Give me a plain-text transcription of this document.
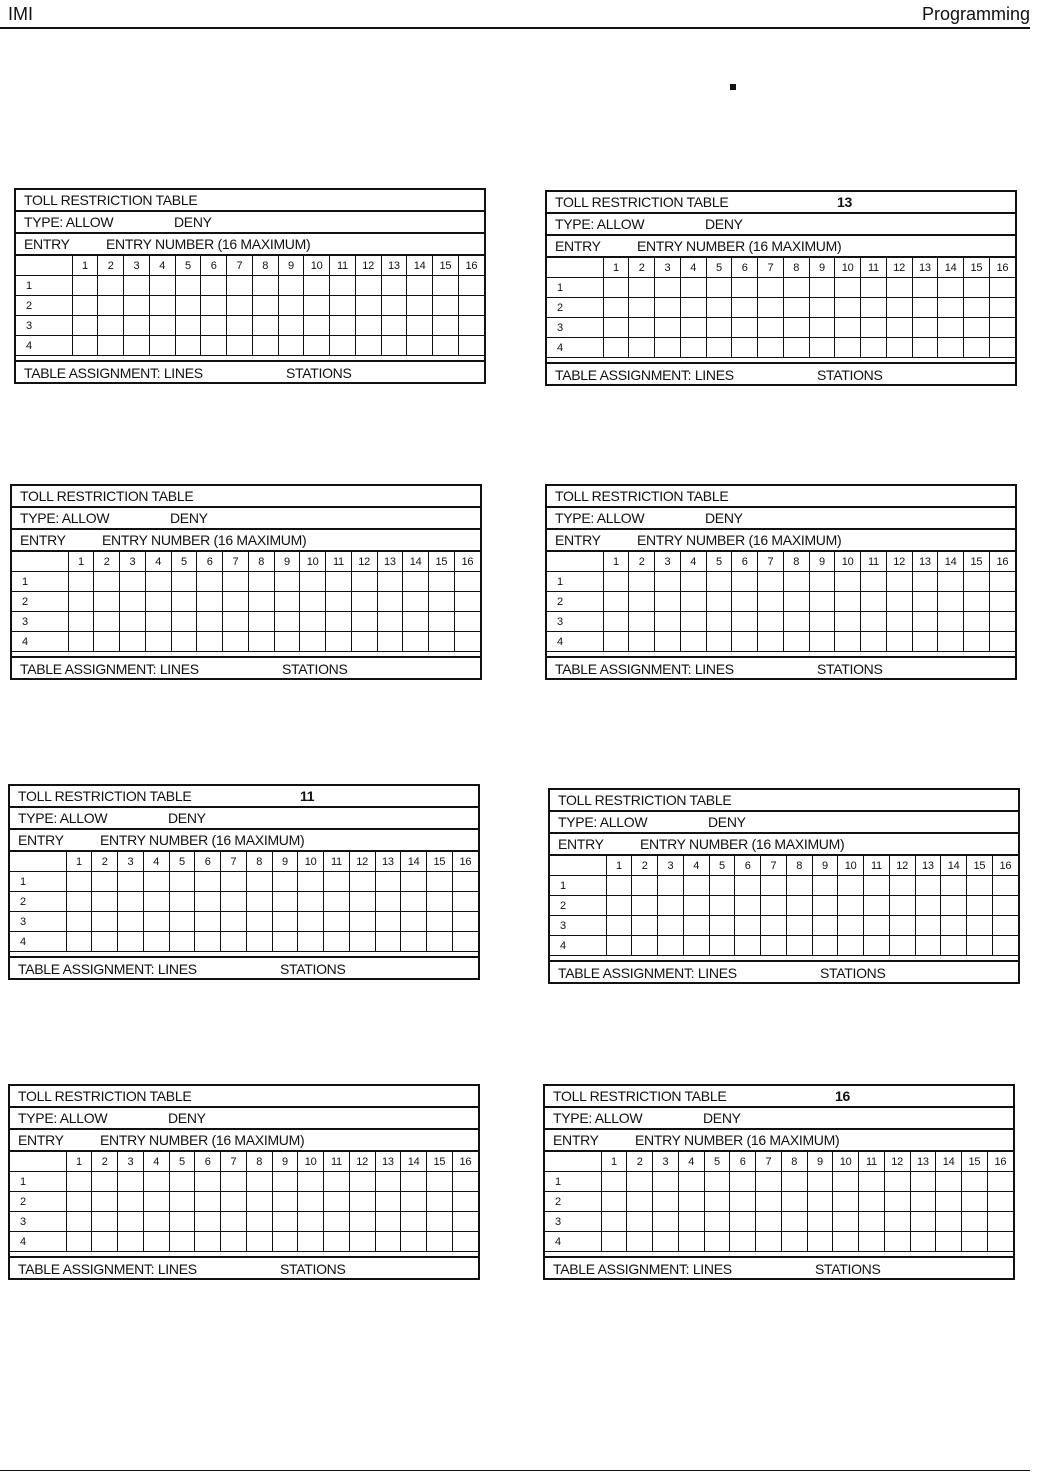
IMI	Programming
TOLL RESTRICTION TABLE
TYPE: ALLOW	DENY
ENTRY	ENTRY NUMBER (16 MAXIMUM)
	1	2	3	4	5	6	7	8	9	10	11	12	13	14	15	16
1																
2																
3																
4																
TABLE ASSIGNMENT: LINES	STATIONS
TOLL RESTRICTION TABLE	13
TYPE: ALLOW	DENY
ENTRY	ENTRY NUMBER (16 MAXIMUM)
	1	2	3	4	5	6	7	8	9	10	11	12	13	14	15	16
1																
2																
3																
4																
TABLE ASSIGNMENT: LINES	STATIONS
TOLL RESTRICTION TABLE
TYPE: ALLOW	DENY
ENTRY	ENTRY NUMBER (16 MAXIMUM)
	1	2	3	4	5	6	7	8	9	10	11	12	13	14	15	16
1																
2																
3																
4																
TABLE ASSIGNMENT: LINES	STATIONS
TOLL RESTRICTION TABLE
TYPE: ALLOW	DENY
ENTRY	ENTRY NUMBER (16 MAXIMUM)
	1	2	3	4	5	6	7	8	9	10	11	12	13	14	15	16
1																
2																
3																
4																
TABLE ASSIGNMENT: LINES	STATIONS
TOLL RESTRICTION TABLE	11
TYPE: ALLOW	DENY
ENTRY	ENTRY NUMBER (16 MAXIMUM)
	1	2	3	4	5	6	7	8	9	10	11	12	13	14	15	16
1																
2																
3																
4																
TABLE ASSIGNMENT: LINES	STATIONS
TOLL RESTRICTION TABLE
TYPE: ALLOW	DENY
ENTRY	ENTRY NUMBER (16 MAXIMUM)
	1	2	3	4	5	6	7	8	9	10	11	12	13	14	15	16
1																
2																
3																
4																
TABLE ASSIGNMENT: LINES	STATIONS
TOLL RESTRICTION TABLE
TYPE: ALLOW	DENY
ENTRY	ENTRY NUMBER (16 MAXIMUM)
	1	2	3	4	5	6	7	8	9	10	11	12	13	14	15	16
1																
2																
3																
4																
TABLE ASSIGNMENT: LINES	STATIONS
TOLL RESTRICTION TABLE	16
TYPE: ALLOW	DENY
ENTRY	ENTRY NUMBER (16 MAXIMUM)
	1	2	3	4	5	6	7	8	9	10	11	12	13	14	15	16
1																
2																
3																
4																
TABLE ASSIGNMENT: LINES	STATIONS
